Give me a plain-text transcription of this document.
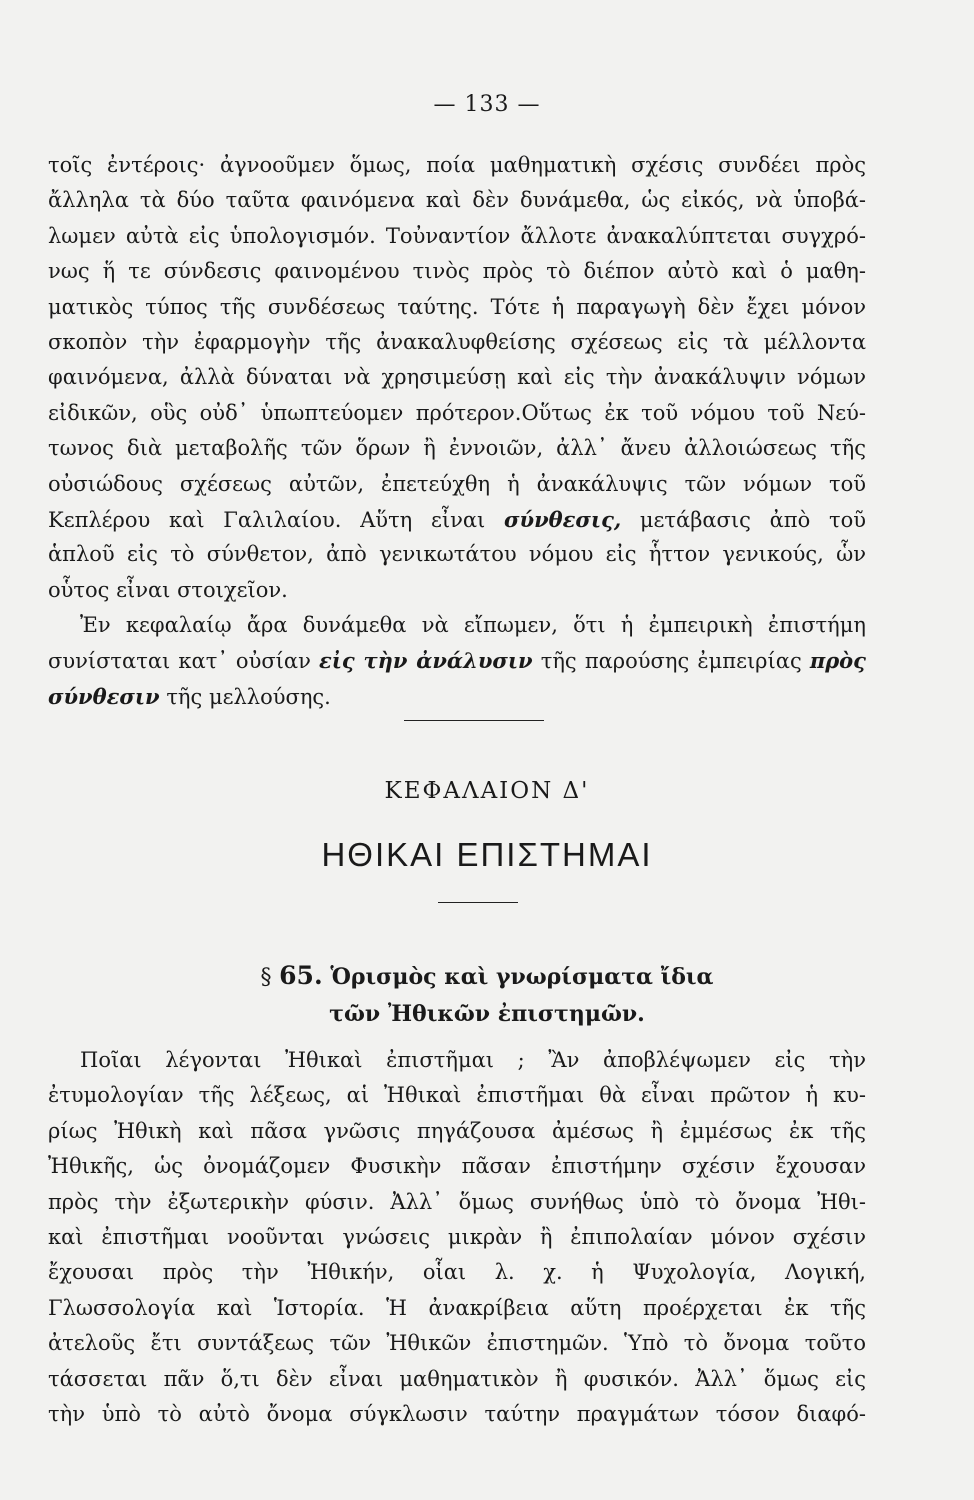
— 133 —
τοῖς ἐντέροις· ἀγνοοῦμεν ὅμως, ποία μαθηματικὴ σχέσις συνδέει πρὸς
ἄλληλα τὰ δύο ταῦτα φαινόμενα καὶ δὲν δυνάμεθα, ὡς εἰκός, νὰ ὑποβά-
λωμεν αὐτὰ εἰς ὑπολογισμόν. Τοὐναντίον ἄλλοτε ἀνακαλύπτεται συγχρό-
νως ἥ τε σύνδεσις φαινομένου τινὸς πρὸς τὸ διέπον αὐτὸ καὶ ὁ μαθη-
ματικὸς τύπος τῆς συνδέσεως ταύτης. Τότε ἡ παραγωγὴ δὲν ἔχει μόνον
σκοπὸν τὴν ἐφαρμογὴν τῆς ἀνακαλυφθείσης σχέσεως εἰς τὰ μέλλοντα
φαινόμενα, ἀλλὰ δύναται νὰ χρησιμεύσῃ καὶ εἰς τὴν ἀνακάλυψιν νόμων
εἰδικῶν, οὓς οὐδ᾽ ὑπωπτεύομεν πρότερον.Οὕτως ἐκ τοῦ νόμου τοῦ Νεύ-
τωνος διὰ μεταβολῆς τῶν ὅρων ἢ ἐννοιῶν, ἀλλ᾽ ἄνευ ἀλλοιώσεως τῆς
οὐσιώδους σχέσεως αὐτῶν, ἐπετεύχθη ἡ ἀνακάλυψις τῶν νόμων τοῦ
Κεπλέρου καὶ Γαλιλαίου. Αὕτη εἶναι σύνθεσις, μετάβασις ἀπὸ τοῦ
ἁπλοῦ εἰς τὸ σύνθετον, ἀπὸ γενικωτάτου νόμου εἰς ἧττον γενικούς, ὧν
οὗτος εἶναι στοιχεῖον.
Ἐν κεφαλαίῳ ἄρα δυνάμεθα νὰ εἴπωμεν, ὅτι ἡ ἐμπειρικὴ ἐπιστήμη
συνίσταται κατ᾽ οὐσίαν εἰς τὴν ἀνάλυσιν τῆς παρούσης ἐμπειρίας πρὸς
σύνθεσιν τῆς μελλούσης.
ΚΕΦΑΛΑΙΟΝ Δ'
ΗΘΙΚΑΙ ΕΠΙΣΤΗΜΑΙ
§ 65. Ὁρισμὸς καὶ γνωρίσματα ἴδια
τῶν Ἠθικῶν ἐπιστημῶν.
Ποῖαι λέγονται Ἠθικαὶ ἐπιστῆμαι ; Ἂν ἀποβλέψωμεν εἰς τὴν
ἐτυμολογίαν τῆς λέξεως, αἱ Ἠθικαὶ ἐπιστῆμαι θὰ εἶναι πρῶτον ἡ κυ-
ρίως Ἠθικὴ καὶ πᾶσα γνῶσις πηγάζουσα ἀμέσως ἢ ἐμμέσως ἐκ τῆς
Ἠθικῆς, ὡς ὀνομάζομεν Φυσικὴν πᾶσαν ἐπιστήμην σχέσιν ἔχουσαν
πρὸς τὴν ἐξωτερικὴν φύσιν. Ἀλλ᾽ ὅμως συνήθως ὑπὸ τὸ ὄνομα Ἠθι-
καὶ ἐπιστῆμαι νοοῦνται γνώσεις μικρὰν ἢ ἐπιπολαίαν μόνον σχέσιν
ἔχουσαι πρὸς τὴν Ἠθικήν, οἷαι λ. χ. ἡ Ψυχολογία, Λογική,
Γλωσσολογία καὶ Ἱστορία. Ἡ ἀνακρίβεια αὕτη προέρχεται ἐκ τῆς
ἀτελοῦς ἔτι συντάξεως τῶν Ἠθικῶν ἐπιστημῶν. Ὑπὸ τὸ ὄνομα τοῦτο
τάσσεται πᾶν ὅ,τι δὲν εἶναι μαθηματικὸν ἢ φυσικόν. Ἀλλ᾽ ὅμως εἰς
τὴν ὑπὸ τὸ αὐτὸ ὄνομα σύγκλωσιν ταύτην πραγμάτων τόσον διαφό-
